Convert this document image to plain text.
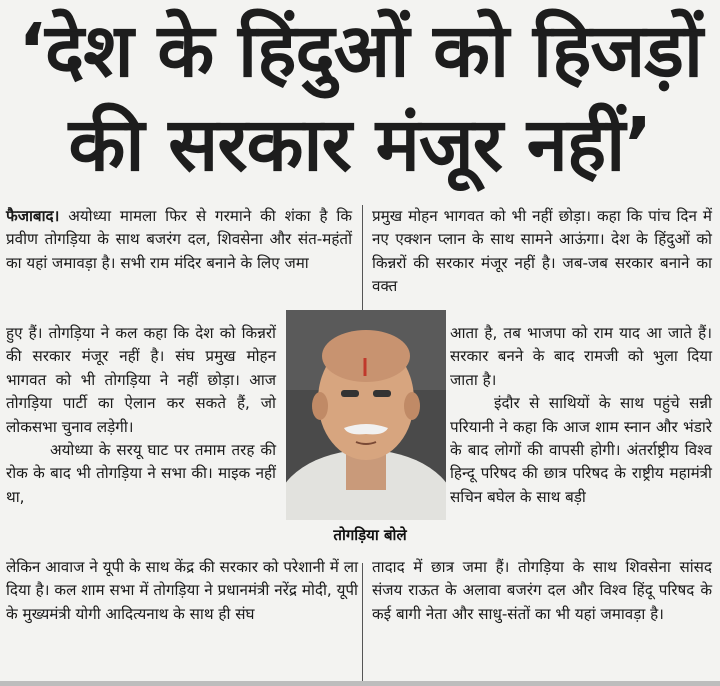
‘देश के हिंदुओं को हिजड़ों
की सरकार मंजूर नहीं’

फैजाबाद। अयोध्या मामला फिर से गरमाने की शंका है कि प्रवीण तोगड़िया के साथ बजरंग दल, शिवसेना और संत-महंतों का यहां जमावड़ा है। सभी राम मंदिर बनाने के लिए जमा

प्रमुख मोहन भागवत को भी नहीं छोड़ा। कहा कि पांच दिन में नए एक्शन प्लान के साथ सामने आऊंगा। देश के हिंदुओं को किन्नरों की सरकार मंजूर नहीं है। जब-जब सरकार बनाने का वक्त

हुए हैं। तोगड़िया ने कल कहा कि देश को किन्नरों की सरकार मंजूर नहीं है। संघ प्रमुख मोहन भागवत को भी तोगड़िया ने नहीं छोड़ा। आज तोगड़िया पार्टी का ऐलान कर सकते हैं, जो लोकसभा चुनाव लड़ेगी।

अयोध्या के सरयू घाट पर तमाम तरह की रोक के बाद भी तोगड़िया ने सभा की। माइक नहीं था,

आता है, तब भाजपा को राम याद आ जाते हैं। सरकार बनने के बाद रामजी को भुला दिया जाता है।

इंदौर से साथियों के साथ पहुंचे सन्नी परियानी ने कहा कि आज शाम स्नान और भंडारे के बाद लोगों की वापसी होगी। अंतर्राष्ट्रीय विश्व हिन्दू परिषद की छात्र परिषद के राष्ट्रीय महामंत्री सचिन बघेल के साथ बड़ी

लेकिन आवाज ने यूपी के साथ केंद्र की सरकार को परेशानी में ला दिया है। कल शाम सभा में तोगड़िया ने प्रधानमंत्री नरेंद्र मोदी, यूपी के मुख्यमंत्री योगी आदित्यनाथ के साथ ही संघ

तादाद में छात्र जमा हैं। तोगड़िया के साथ शिवसेना सांसद संजय राऊत के अलावा बजरंग दल और विश्व हिंदू परिषद के कई बागी नेता और साधु-संतों का भी यहां जमावड़ा है।

तोगड़िया बोले
